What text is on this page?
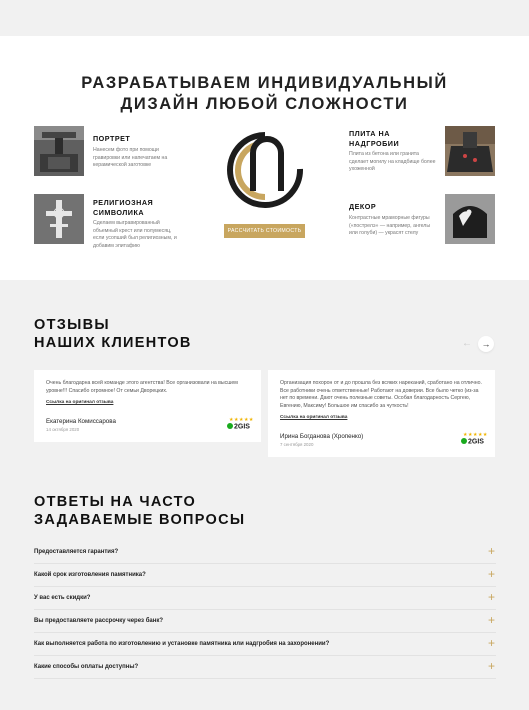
РАЗРАБАТЫВАЕМ ИНДИВИДУАЛЬНЫЙ
ДИЗАЙН ЛЮБОЙ СЛОЖНОСТИ
ПОРТРЕТ
Нанесем фото при помощи гравировки или напечатаем на керамической заготовке
РЕЛИГИОЗНАЯ СИМВОЛИКА
Сделаем выгравированный объемный крест или полумесяц, если усопший был религиозным, и добавим эпитафию
РАССЧИТАТЬ СТОИМОСТЬ
ПЛИТА НА НАДГРОБИИ
Плита из бетона или гранита сделает могилу на кладбище более ухоженной
ДЕКОР
Контрастные мраморные фигуры («пострелэ» — например, ангелы или голуби) — украсят стелу
ОТЗЫВЫ
НАШИХ КЛИЕНТОВ	←	→
Очень благодарна всей команде этого агентства! Все организовали на высшем уровне!!! Спасибо огромное! От семьи Дворецких.
Ссылка на оригинал отзыва
Екатерина Комиссарова
14 октября 2020
★★★★★
2GIS
Организация похорон от и до прошла без всяких нареканий, сработано на отлично. Все работники очень ответственные! Работают на доверии. Все было четко (из-за нет по времени. Дают очень полезные советы. Особая благодарность Сергею, Евгению, Максиму! Большое им спасибо за чуткость!
Ссылка на оригинал отзыва
Ирина Богданова (Хропенко)
7 сентября 2020
★★★★★
2GIS
ОТВЕТЫ НА ЧАСТО
ЗАДАВАЕМЫЕ ВОПРОСЫ
Предоставляется гарантия?	+
Какой срок изготовления памятника?	+
У вас есть скидки?	+
Вы предоставляете рассрочку через банк?	+
Как выполняется работа по изготовлению и установке памятника или надгробия на захоронении?	+
Какие способы оплаты доступны?	+
